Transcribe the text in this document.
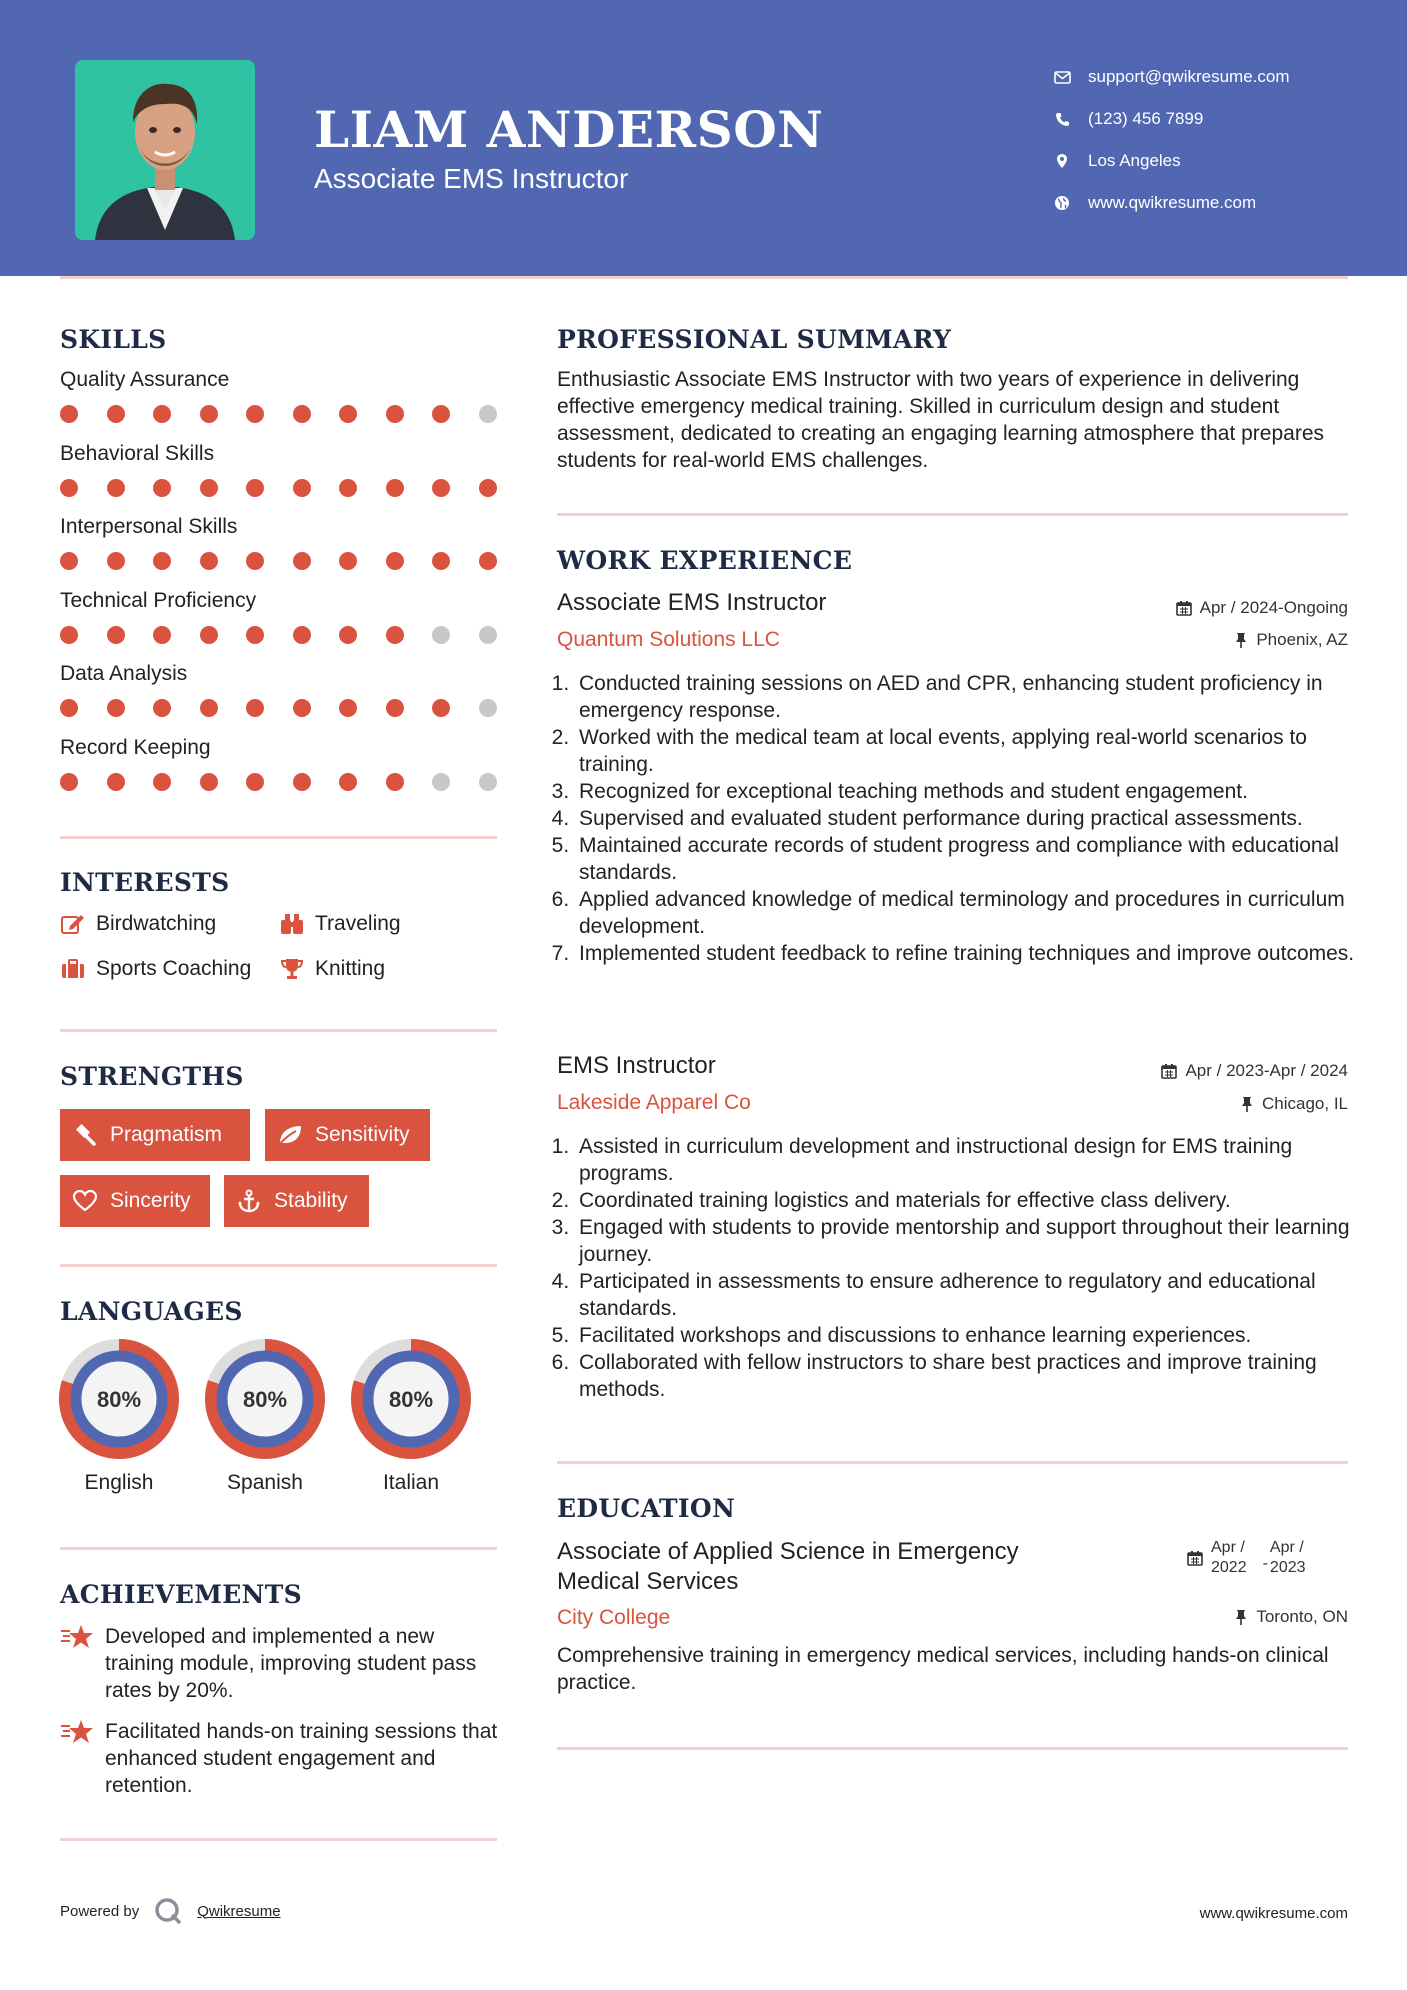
LIAM ANDERSON
Associate EMS Instructor
support@qwikresume.com
(123) 456 7899
Los Angeles
www.qwikresume.com
SKILLS
Quality Assurance
Behavioral Skills
Interpersonal Skills
Technical Proficiency
Data Analysis
Record Keeping
INTERESTS
Birdwatching	Traveling
Sports Coaching	Knitting
STRENGTHS
Pragmatism	Sensitivity
Sincerity	Stability
LANGUAGES
80%
English
80%
Spanish
80%
Italian
ACHIEVEMENTS
Developed and implemented a new training module, improving student pass rates by 20%.
Facilitated hands-on training sessions that enhanced student engagement and retention.
PROFESSIONAL SUMMARY
Enthusiastic Associate EMS Instructor with two years of experience in delivering effective emergency medical training. Skilled in curriculum design and student assessment, dedicated to creating an engaging learning atmosphere that prepares students for real-world EMS challenges.
WORK EXPERIENCE
Associate EMS Instructor	Apr / 2024-Ongoing
Quantum Solutions LLC	Phoenix, AZ
1. Conducted training sessions on AED and CPR, enhancing student proficiency in emergency response.
2. Worked with the medical team at local events, applying real-world scenarios to training.
3. Recognized for exceptional teaching methods and student engagement.
4. Supervised and evaluated student performance during practical assessments.
5. Maintained accurate records of student progress and compliance with educational standards.
6. Applied advanced knowledge of medical terminology and procedures in curriculum development.
7. Implemented student feedback to refine training techniques and improve outcomes.
EMS Instructor	Apr / 2023-Apr / 2024
Lakeside Apparel Co	Chicago, IL
1. Assisted in curriculum development and instructional design for EMS training programs.
2. Coordinated training logistics and materials for effective class delivery.
3. Engaged with students to provide mentorship and support throughout their learning journey.
4. Participated in assessments to ensure adherence to regulatory and educational standards.
5. Facilitated workshops and discussions to enhance learning experiences.
6. Collaborated with fellow instructors to share best practices and improve training methods.
EDUCATION
Associate of Applied Science in Emergency
Medical Services
Apr /
2022 -
Apr /
2023
City College	Toronto, ON
Comprehensive training in emergency medical services, including hands-on clinical practice.
Powered by	Qwikresume	www.qwikresume.com
